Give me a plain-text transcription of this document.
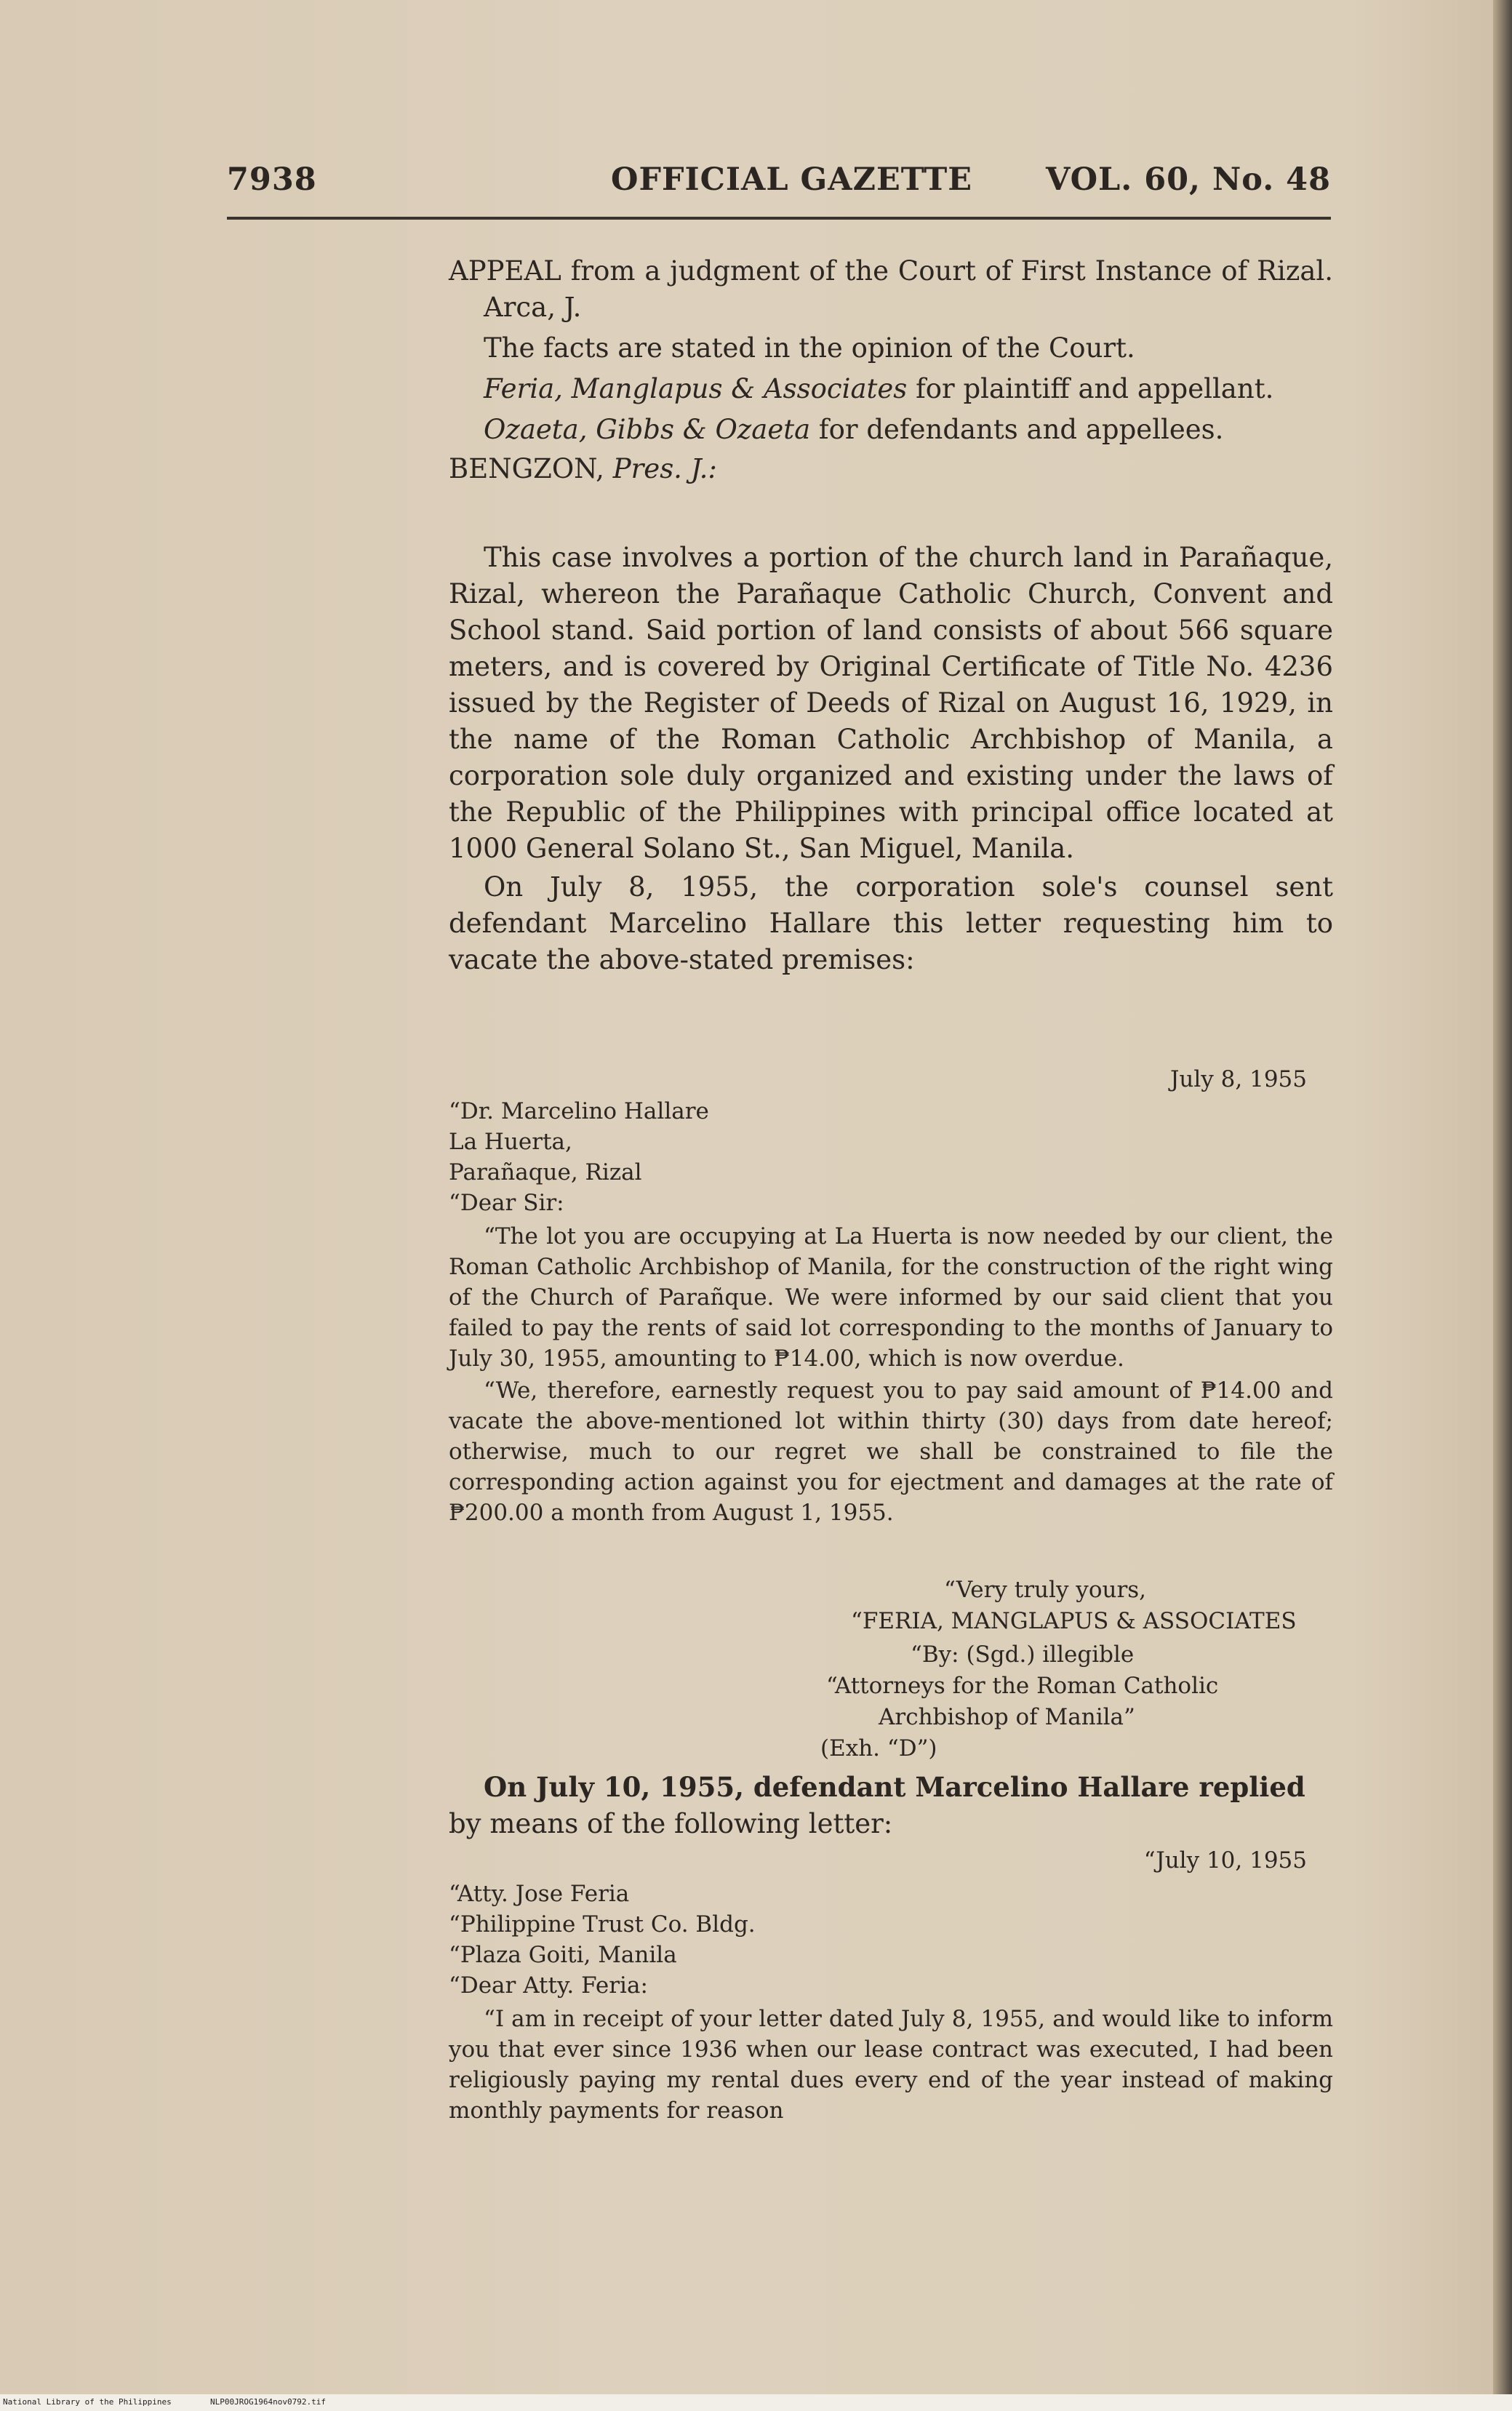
7938	OFFICIAL GAZETTE VOL. 60, No. 48

APPEAL from a judgment of the Court of First Instance of Rizal. Arca, J.

The facts are stated in the opinion of the Court.

Feria, Manglapus & Associates for plaintiff and appellant.

Ozaeta, Gibbs & Ozaeta for defendants and appellees.

BENGZON, Pres. J.:

This case involves a portion of the church land in Parañaque, Rizal, whereon the Parañaque Catholic Church, Convent and School stand. Said portion of land consists of about 566 square meters, and is covered by Original Certificate of Title No. 4236 issued by the Register of Deeds of Rizal on August 16, 1929, in the name of the Roman Catholic Archbishop of Manila, a corporation sole duly organized and existing under the laws of the Republic of the Philippines with principal office located at 1000 General Solano St., San Miguel, Manila.

On July 8, 1955, the corporation sole's counsel sent defendant Marcelino Hallare this letter requesting him to vacate the above-stated premises:

July 8, 1955
“Dr. Marcelino Hallare
La Huerta,
Parañaque, Rizal
“Dear Sir:

“The lot you are occupying at La Huerta is now needed by our client, the Roman Catholic Archbishop of Manila, for the construction of the right wing of the Church of Parañque. We were informed by our said client that you failed to pay the rents of said lot corresponding to the months of January to July 30, 1955, amounting to ₱14.00, which is now overdue.

“We, therefore, earnestly request you to pay said amount of ₱14.00 and vacate the above-mentioned lot within thirty (30) days from date hereof; otherwise, much to our regret we shall be constrained to file the corresponding action against you for ejectment and damages at the rate of ₱200.00 a month from August 1, 1955.

“Very truly yours,
“FERIA, MANGLAPUS & ASSOCIATES
“By: (Sgd.) illegible
“Attorneys for the Roman Catholic
Archbishop of Manila”
(Exh. “D”)

On July 10, 1955, defendant Marcelino Hallare replied

by means of the following letter:

“July 10, 1955
“Atty. Jose Feria
“Philippine Trust Co. Bldg.
“Plaza Goiti, Manila
“Dear Atty. Feria:

“I am in receipt of your letter dated July 8, 1955, and would like to inform you that ever since 1936 when our lease contract was executed, I had been religiously paying my rental dues every end of the year instead of making monthly payments for reason

National Library of the Philippines	NLP00JROG1964nov0792.tif
